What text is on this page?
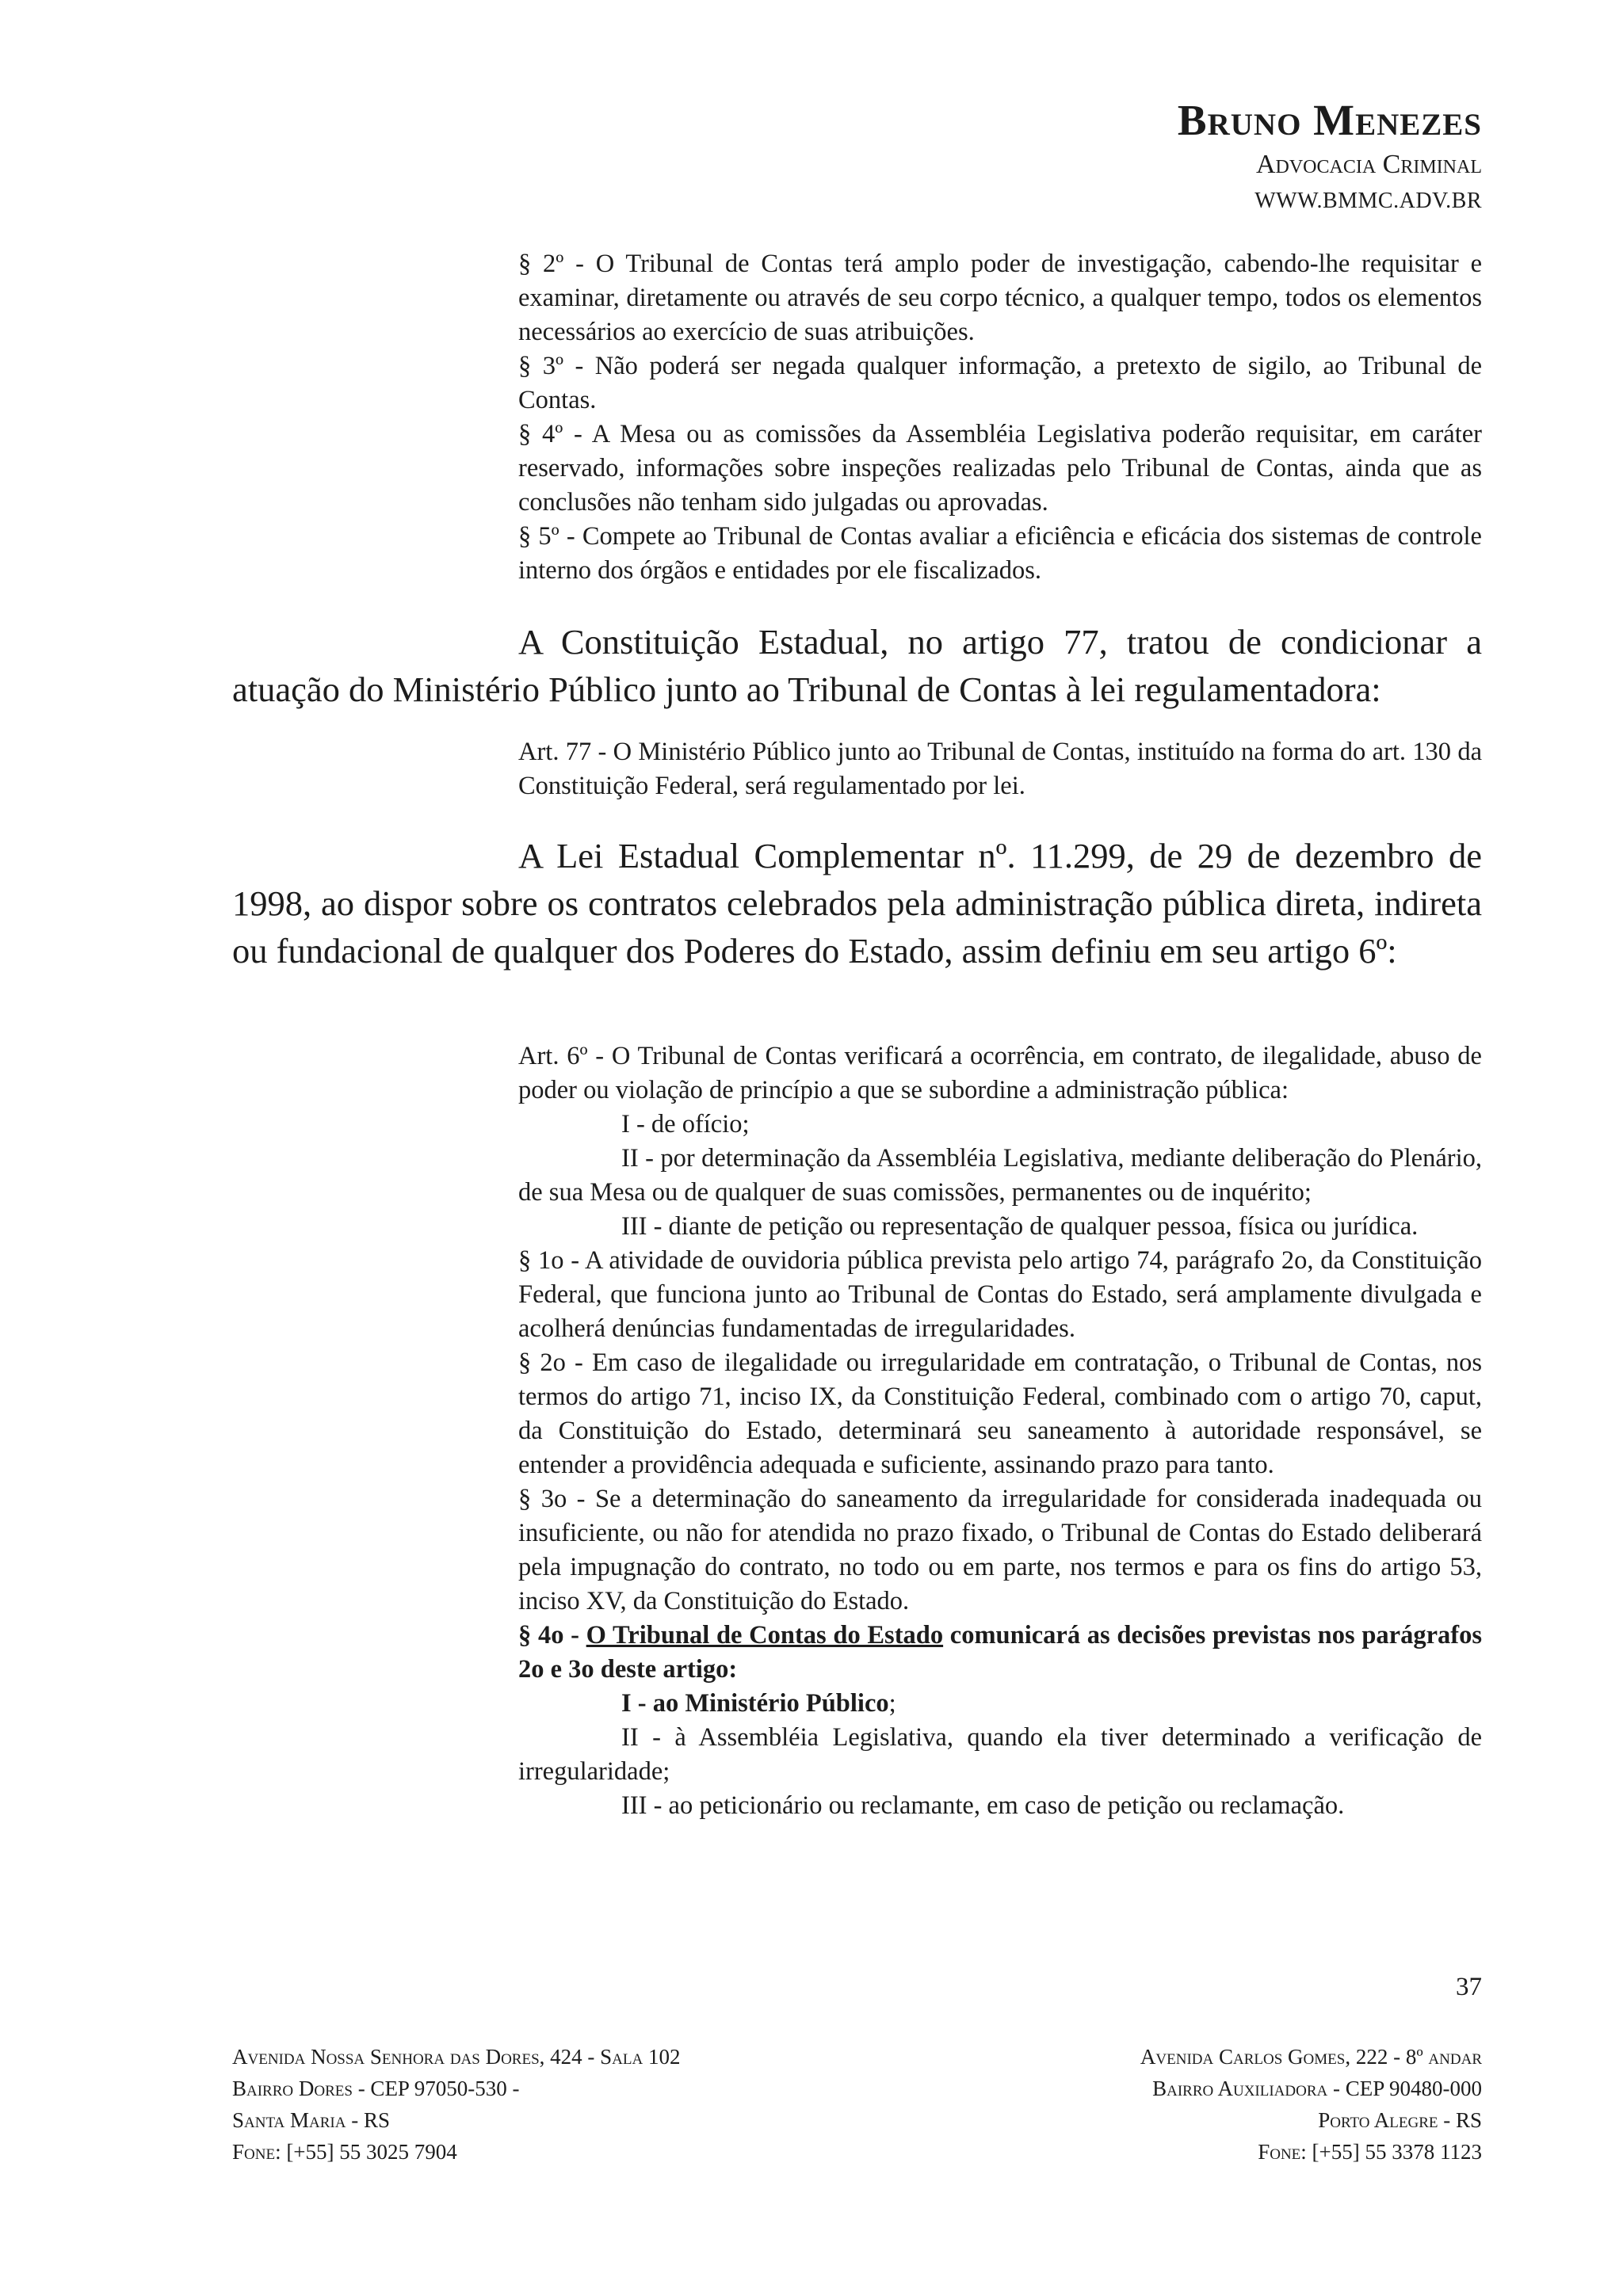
Bruno Menezes
Advocacia Criminal
WWW.BMMC.ADV.BR

§ 2º - O Tribunal de Contas terá amplo poder de investigação, cabendo-lhe requisitar e examinar, diretamente ou através de seu corpo técnico, a qualquer tempo, todos os elementos necessários ao exercício de suas atribuições.

§ 3º - Não poderá ser negada qualquer informação, a pretexto de sigilo, ao Tribunal de Contas.

§ 4º - A Mesa ou as comissões da Assembléia Legislativa poderão requisitar, em caráter reservado, informações sobre inspeções realizadas pelo Tribunal de Contas, ainda que as conclusões não tenham sido julgadas ou aprovadas.

§ 5º - Compete ao Tribunal de Contas avaliar a eficiência e eficácia dos sistemas de controle interno dos órgãos e entidades por ele fiscalizados.

A Constituição Estadual, no artigo 77, tratou de condicionar a atuação do Ministério Público junto ao Tribunal de Contas à lei regulamentadora:

Art. 77 - O Ministério Público junto ao Tribunal de Contas, instituído na forma do art. 130 da Constituição Federal, será regulamentado por lei.

A Lei Estadual Complementar nº. 11.299, de 29 de dezembro de 1998, ao dispor sobre os contratos celebrados pela administração pública direta, indireta ou fundacional de qualquer dos Poderes do Estado, assim definiu em seu artigo 6º:

Art. 6º - O Tribunal de Contas verificará a ocorrência, em contrato, de ilegalidade, abuso de poder ou violação de princípio a que se subordine a administração pública:

I - de ofício;

II - por determinação da Assembléia Legislativa, mediante deliberação do Plenário, de sua Mesa ou de qualquer de suas comissões, permanentes ou de inquérito;

III - diante de petição ou representação de qualquer pessoa, física ou jurídica.

§ 1o - A atividade de ouvidoria pública prevista pelo artigo 74, parágrafo 2o, da Constituição Federal, que funciona junto ao Tribunal de Contas do Estado, será amplamente divulgada e acolherá denúncias fundamentadas de irregularidades.

§ 2o - Em caso de ilegalidade ou irregularidade em contratação, o Tribunal de Contas, nos termos do artigo 71, inciso IX, da Constituição Federal, combinado com o artigo 70, caput, da Constituição do Estado, determinará seu saneamento à autoridade responsável, se entender a providência adequada e suficiente, assinando prazo para tanto.

§ 3o - Se a determinação do saneamento da irregularidade for considerada inadequada ou insuficiente, ou não for atendida no prazo fixado, o Tribunal de Contas do Estado deliberará pela impugnação do contrato, no todo ou em parte, nos termos e para os fins do artigo 53, inciso XV, da Constituição do Estado.

§ 4o - O Tribunal de Contas do Estado comunicará as decisões previstas nos parágrafos 2o e 3o deste artigo:

I - ao Ministério Público;

II - à Assembléia Legislativa, quando ela tiver determinado a verificação de irregularidade;

III - ao peticionário ou reclamante, em caso de petição ou reclamação.

37
Avenida Nossa Senhora das Dores, 424 - Sala 102
Bairro Dores - CEP 97050-530 -
Santa Maria - RS
Fone: [+55] 55 3025 7904
Avenida Carlos Gomes, 222 - 8º andar
Bairro Auxiliadora - CEP 90480-000
Porto Alegre - RS
Fone: [+55] 55 3378 1123
